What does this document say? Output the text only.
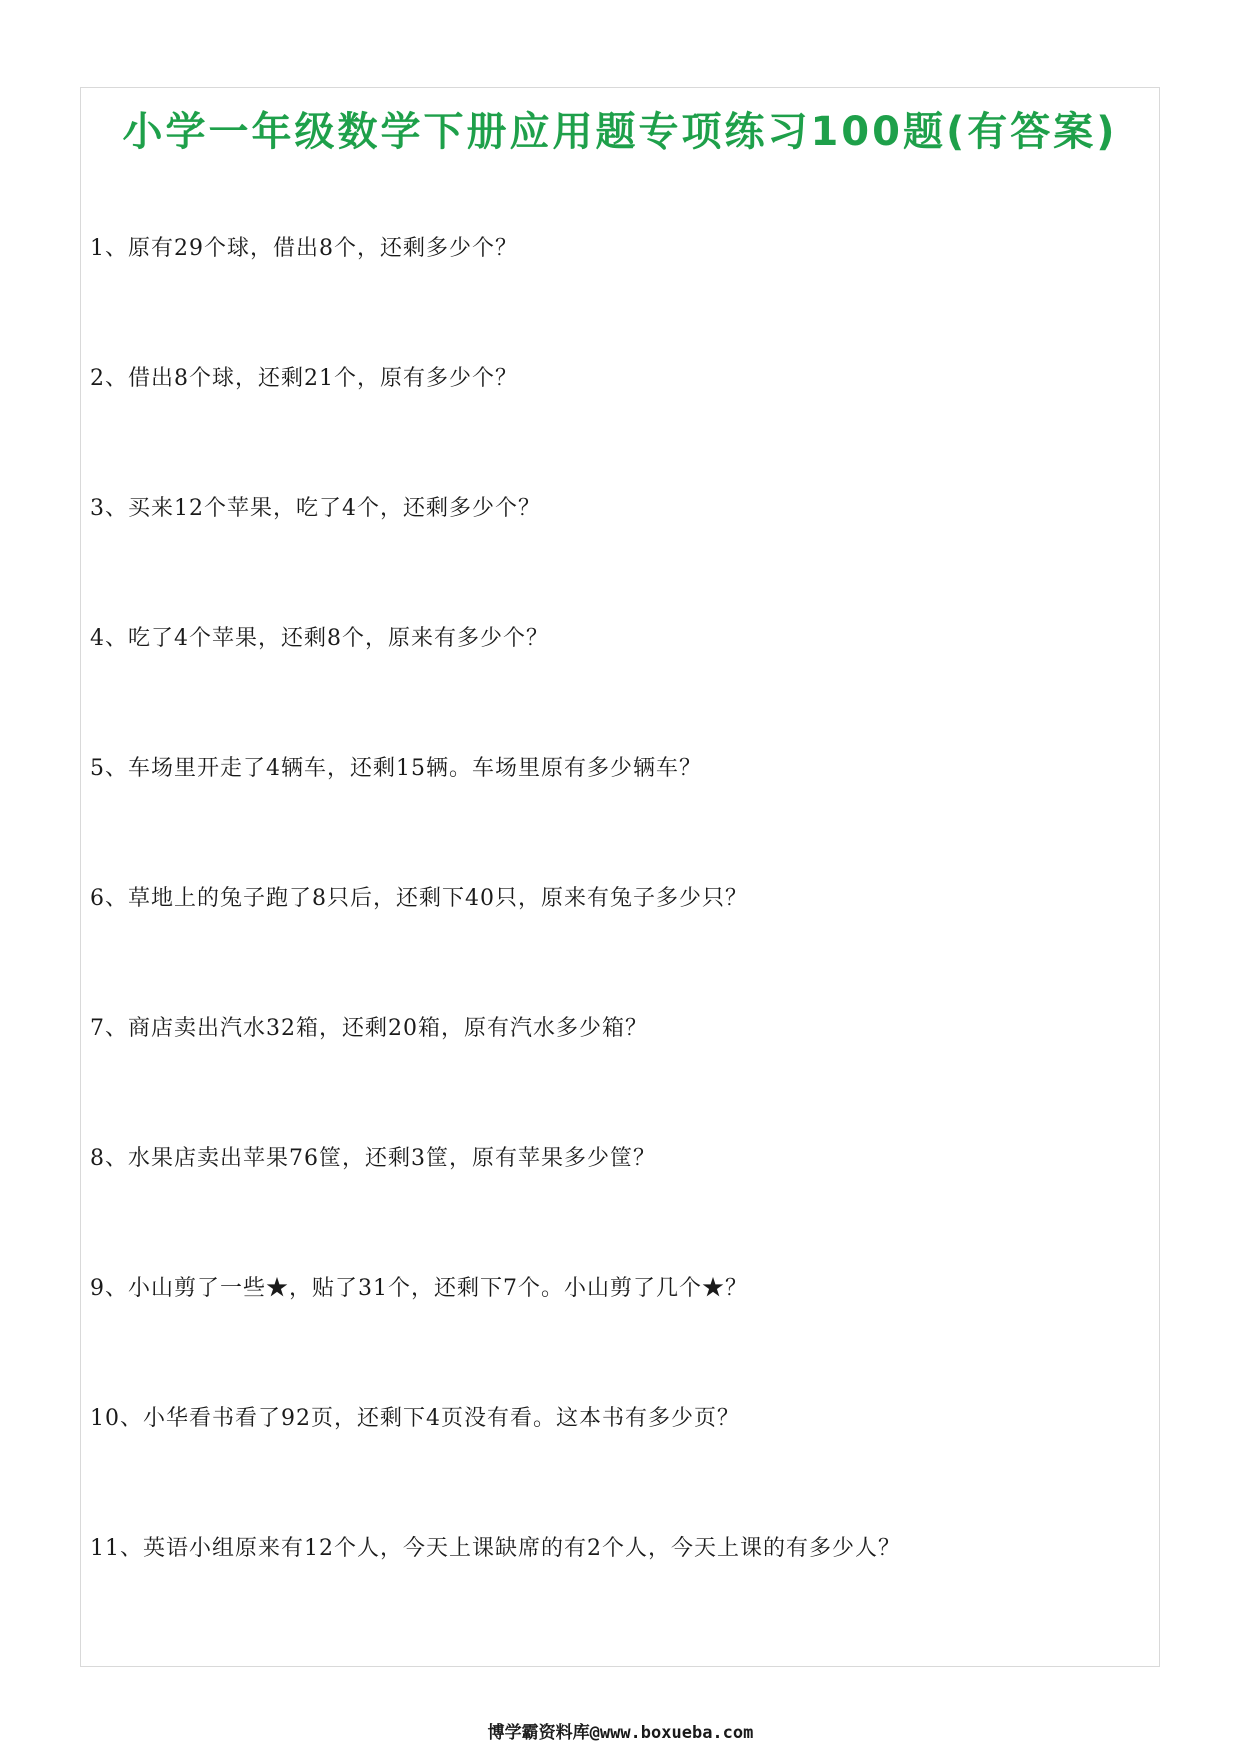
小学一年级数学下册应用题专项练习100题(有答案)
1、原有29个球，借出8个，还剩多少个？
2、借出8个球，还剩21个，原有多少个？
3、买来12个苹果，吃了4个，还剩多少个？
4、吃了4个苹果，还剩8个，原来有多少个？
5、车场里开走了4辆车，还剩15辆。车场里原有多少辆车？
6、草地上的兔子跑了8只后，还剩下40只，原来有兔子多少只？
7、商店卖出汽水32箱，还剩20箱，原有汽水多少箱？
8、水果店卖出苹果76筐，还剩3筐，原有苹果多少筐？
9、小山剪了一些★，贴了31个，还剩下7个。小山剪了几个★？
10、小华看书看了92页，还剩下4页没有看。这本书有多少页？
11、英语小组原来有12个人，今天上课缺席的有2个人，今天上课的有多少人？
博学霸资料库@www.boxueba.com
